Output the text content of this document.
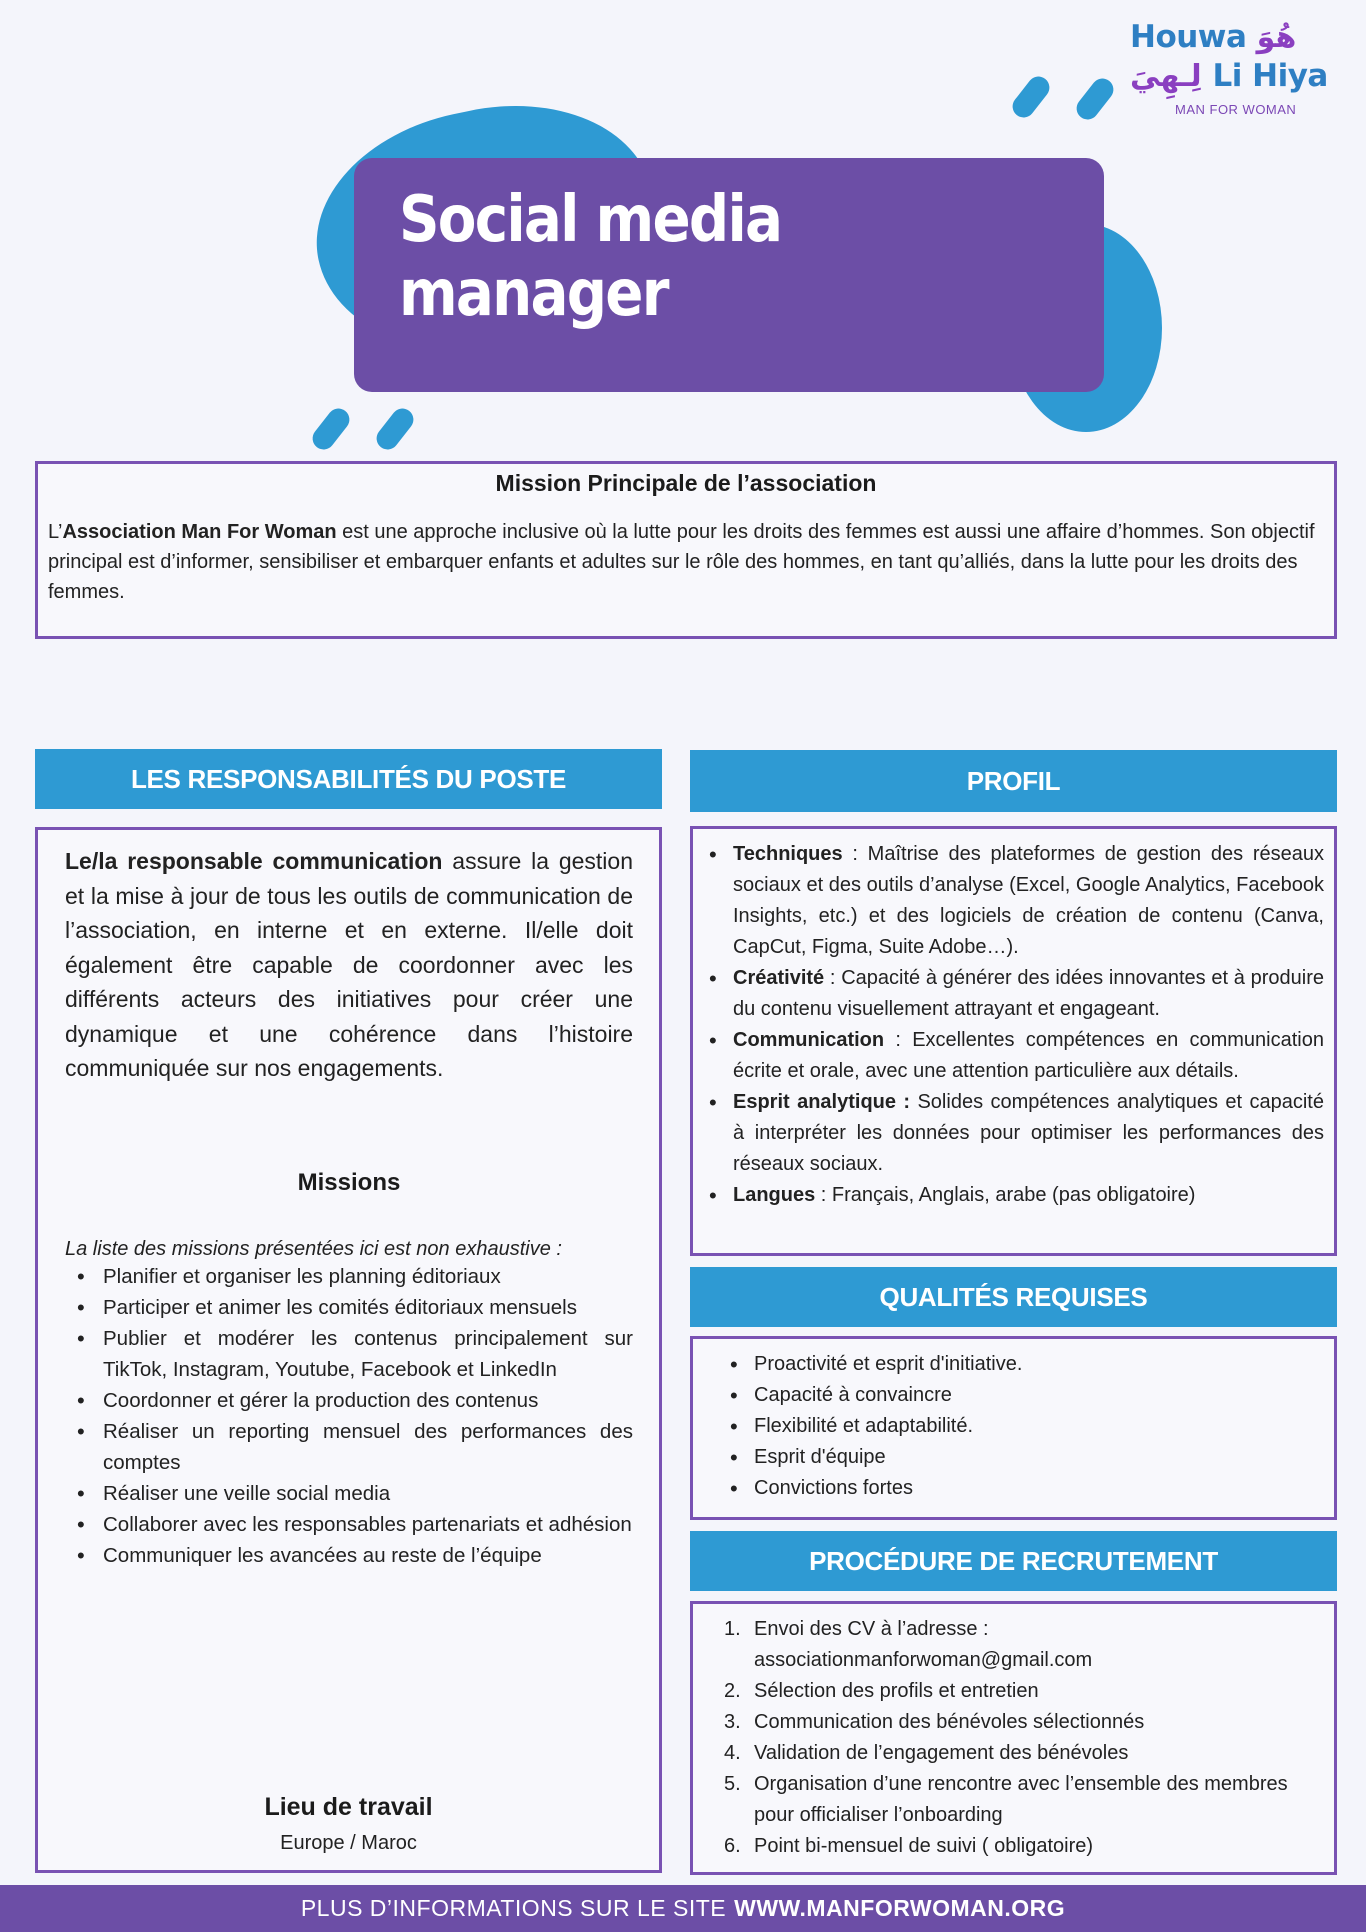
Social media manager
Houwa هُوَ
لِـهِيَ Li Hiya
MAN FOR WOMAN
Mission Principale de l’association

L’Association Man For Woman est une approche inclusive où la lutte pour les droits des femmes est aussi une affaire d’hommes. Son objectif principal est d’informer, sensibiliser et embarquer enfants et adultes sur le rôle des hommes, en tant qu’alliés, dans la lutte pour les droits des femmes.

LES RESPONSABILITÉS DU POSTE

Le/la responsable communication assure la gestion et la mise à jour de tous les outils de communication de l’association, en interne et en externe. Il/elle doit également être capable de coordonner avec les différents acteurs des initiatives pour créer une dynamique et une cohérence dans l’histoire communiquée sur nos engagements.

Missions
La liste des missions présentées ici est non exhaustive :
• Planifier et organiser les planning éditoriaux
• Participer et animer les comités éditoriaux mensuels
• Publier et modérer les contenus principalement sur TikTok, Instagram, Youtube, Facebook et LinkedIn
• Coordonner et gérer la production des contenus
• Réaliser un reporting mensuel des performances des comptes
• Réaliser une veille social media
• Collaborer avec les responsables partenariats et adhésion
• Communiquer les avancées au reste de l’équipe
Lieu de travail
Europe / Maroc
PROFIL
• Techniques : Maîtrise des plateformes de gestion des réseaux sociaux et des outils d’analyse (Excel, Google Analytics, Facebook Insights, etc.) et des logiciels de création de contenu (Canva, CapCut, Figma, Suite Adobe…).
• Créativité : Capacité à générer des idées innovantes et à produire du contenu visuellement attrayant et engageant.
• Communication : Excellentes compétences en communication écrite et orale, avec une attention particulière aux détails.
• Esprit analytique : Solides compétences analytiques et capacité à interpréter les données pour optimiser les performances des réseaux sociaux.
• Langues : Français, Anglais, arabe (pas obligatoire)
QUALITÉS REQUISES
• Proactivité et esprit d'initiative.
• Capacité à convaincre
• Flexibilité et adaptabilité.
• Esprit d'équipe
• Convictions fortes
PROCÉDURE DE RECRUTEMENT
1. Envoi des CV à l’adresse : associationmanforwoman@gmail.com
2. Sélection des profils et entretien
3. Communication des bénévoles sélectionnés
4. Validation de l’engagement des bénévoles
5. Organisation d’une rencontre avec l’ensemble des membres pour officialiser l’onboarding
6. Point bi-mensuel de suivi ( obligatoire)
PLUS D’INFORMATIONS SUR LE SITE WWW.MANFORWOMAN.ORG
